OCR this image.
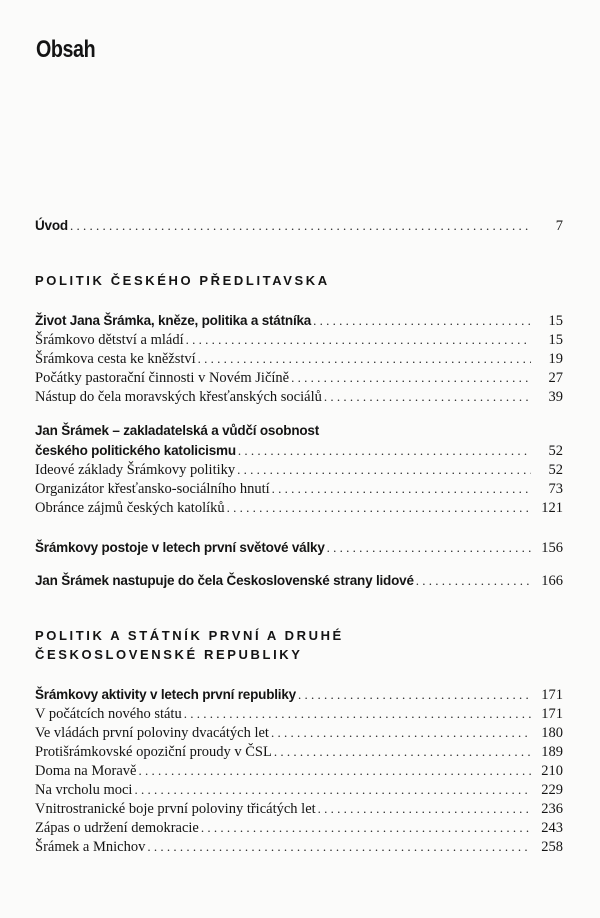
Obsah
Úvod . . .	7
POLITIK ČESKÉHO PŘEDLITAVSKA
Život Jana Šrámka, kněze, politika a státníka . . .	15
Šrámkovo dětství a mládí . . .	15
Šrámkova cesta ke kněžství . . .	19
Počátky pastorační činnosti v Novém Jičíně . . .	27
Nástup do čela moravských křesťanských sociálů . . .	39
Jan Šrámek – zakladatelská a vůdčí osobnost
českého politického katolicismu . . .	52
Ideové základy Šrámkovy politiky . . .	52
Organizátor křesťansko-sociálního hnutí . . .	73
Obránce zájmů českých katolíků . . .	121
Šrámkovy postoje v letech první světové války . . .	156
Jan Šrámek nastupuje do čela Československé strany lidové . . .	166
POLITIK A STÁTNÍK PRVNÍ A DRUHÉ
ČESKOSLOVENSKÉ REPUBLIKY
Šrámkovy aktivity v letech první republiky . . .	171
V počátcích nového státu . . .	171
Ve vládách první poloviny dvacátých let . . .	180
Protišrámkovské opoziční proudy v ČSL . . .	189
Doma na Moravě . . .	210
Na vrcholu moci . . .	229
Vnitrostranické boje první poloviny třicátých let . . .	236
Zápas o udržení demokracie . . .	243
Šrámek a Mnichov . . .	258
